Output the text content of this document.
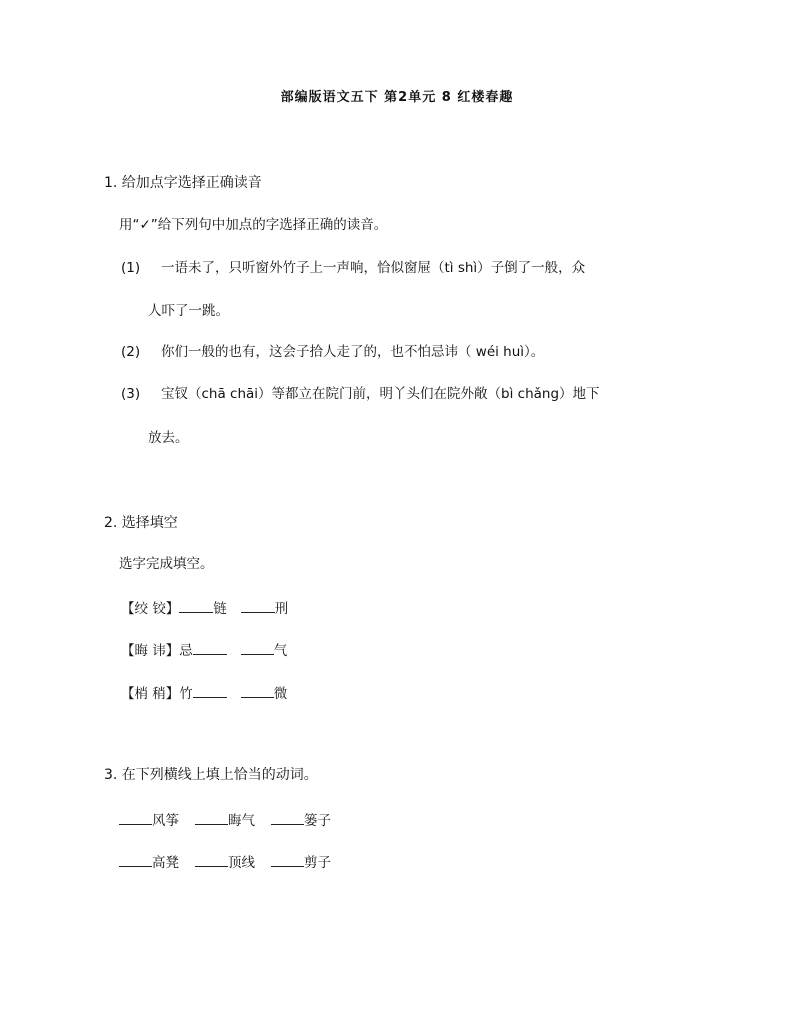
部编版语文五下 第2单元 8 红楼春趣
1. 给加点字选择正确读音
用“✓”给下列句中加点的字选择正确的读音。
(1) 一语未了，只听窗外竹子上一声响，恰似窗屉（tì shì）子倒了一般，众
人吓了一跳。
(2) 你们一般的也有，这会子拾人走了的，也不怕忌讳（ wéi huì）。
(3) 宝钗（chā chāi）等都立在院门前，明丫头们在院外敞（bì chǎng）地下
放去。
2. 选择填空
选字完成填空。
【绞 铰】	链	刑
【晦 讳】忌	气
【梢 稍】竹	微
3. 在下列横线上填上恰当的动词。
风筝	晦气	篓子
高凳	顶线	剪子
